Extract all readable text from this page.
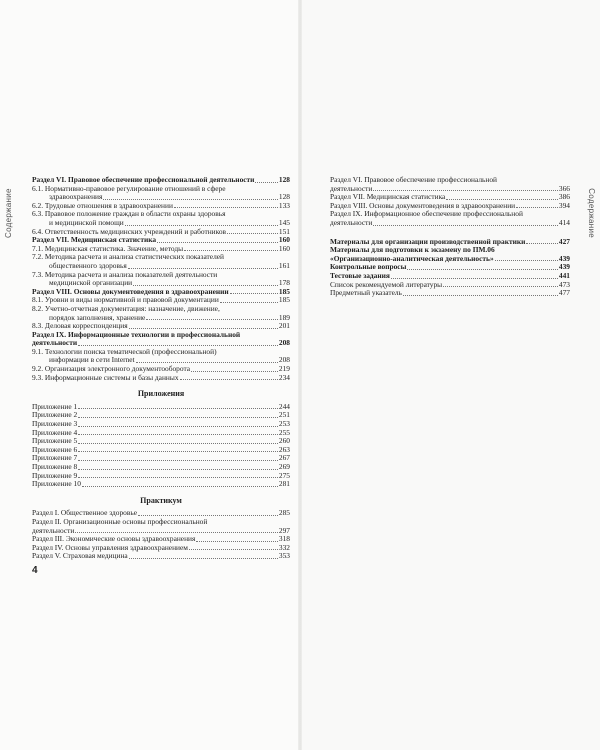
Содержание	Содержание
Раздел VI. Правовое обеспечение профессиональной деятельности	128
6.1. Нормативно-правовое регулирование отношений в сфере
здравоохранения	128
6.2. Трудовые отношения в здравоохранении	133
6.3. Правовое положение граждан в области охраны здоровья
и медицинской помощи	145
6.4. Ответственность медицинских учреждений и работников	151
Раздел VII. Медицинская статистика	160
7.1. Медицинская статистика. Значение, методы	160
7.2. Методика расчета и анализа статистических показателей
общественного здоровья	161
7.3. Методика расчета и анализа показателей деятельности
медицинской организации	178
Раздел VIII. Основы документоведения в здравоохранении	185
8.1. Уровни и виды нормативной и правовой документации	185
8.2. Учетно-отчетная документация: назначение, движение,
порядок заполнения, хранение	189
8.3. Деловая корреспонденция	201
Раздел IX. Информационные технологии в профессиональной
деятельности	208
9.1. Технологии поиска тематической (профессиональной)
информации в сети Internet	208
9.2. Организация электронного документооборота	219
9.3. Информационные системы и базы данных	234
Приложения
Приложение 1	244
Приложение 2	251
Приложение 3	253
Приложение 4	255
Приложение 5	260
Приложение 6	263
Приложение 7	267
Приложение 8	269
Приложение 9	275
Приложение 10	281
Практикум
Раздел I. Общественное здоровье	285
Раздел II. Организационные основы профессиональной
деятельности	297
Раздел III. Экономические основы здравоохранения	318
Раздел IV. Основы управления здравоохранением	332
Раздел V. Страховая медицина	353
Раздел VI. Правовое обеспечение профессиональной
деятельности	366
Раздел VII. Медицинская статистика	386
Раздел VIII. Основы документоведения в здравоохранении	394
Раздел IX. Информационное обеспечение профессиональной
деятельности	414
Материалы для организации производственной практики	427
Материалы для подготовки к экзамену по ПМ.06
«Организационно-аналитическая деятельность»	439
Контрольные вопросы	439
Тестовые задания	441
Список рекомендуемой литературы	473
Предметный указатель	477
4
